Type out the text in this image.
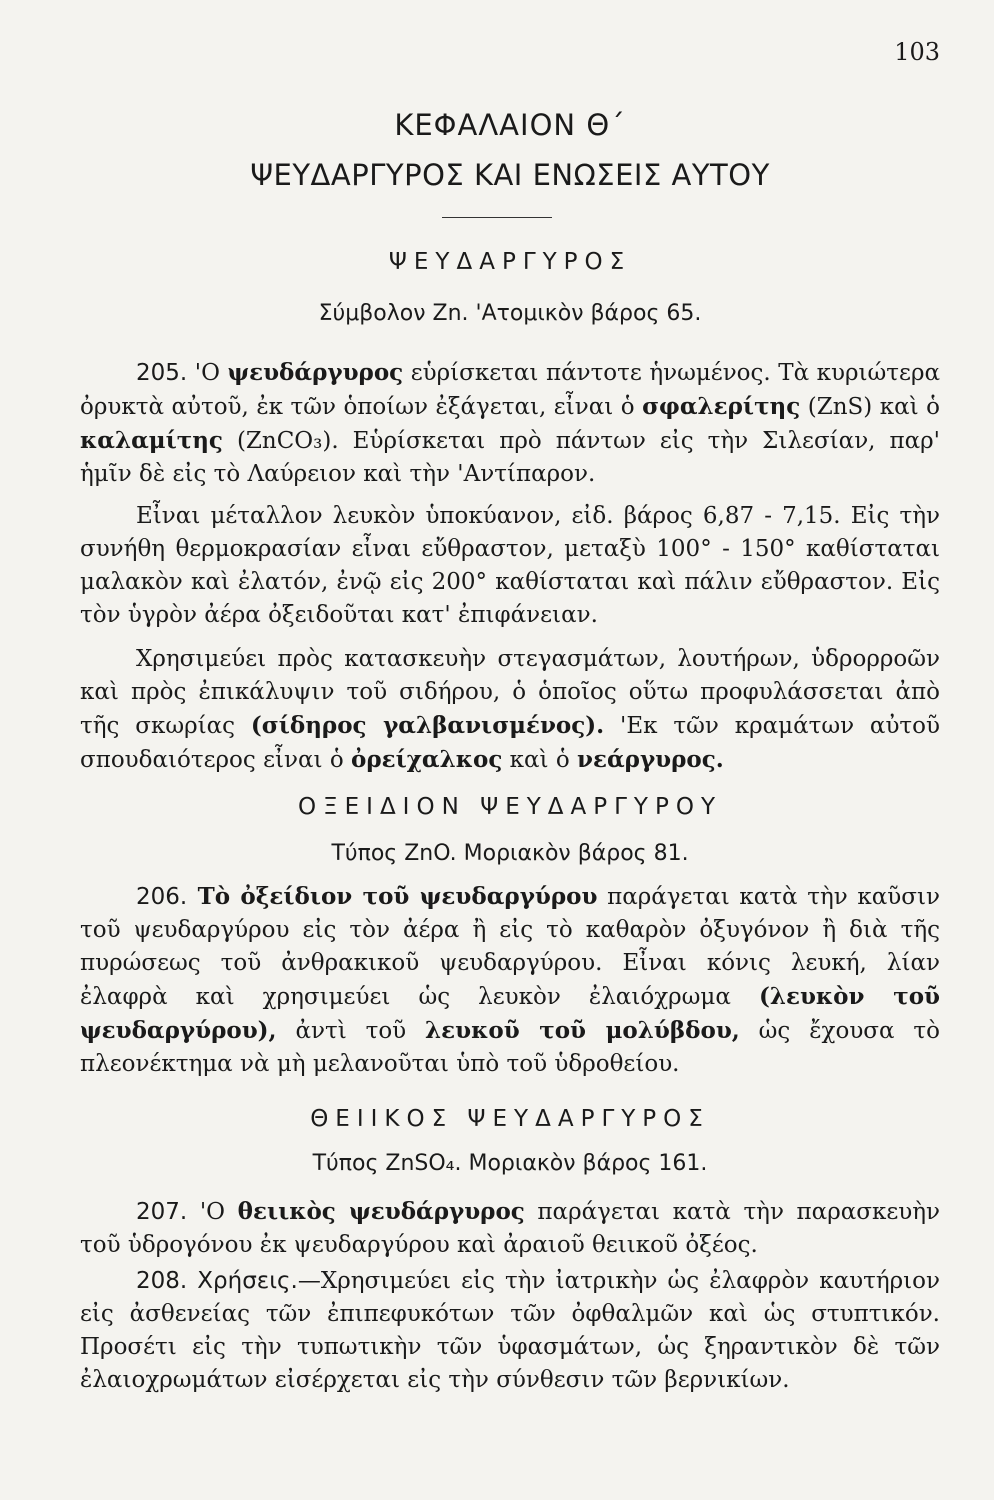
103
ΚΕΦΑΛΑΙΟΝ Θ΄
ΨΕΥΔΑΡΓΥΡΟΣ ΚΑΙ ΕΝΩΣΕΙΣ ΑΥΤΟΥ
ΨΕΥΔΑΡΓΥΡΟΣ
Σύμβολον Zn. 'Ατομικὸν βάρος 65.

205. 'Ο ψευδάργυρος εὑρίσκεται πάντοτε ἡνωμένος. Τὰ κυριώτερα ὀρυκτὰ αὐτοῦ, ἐκ τῶν ὁποίων ἐξάγεται, εἶναι ὁ σφαλερίτης (ZnS) καὶ ὁ καλαμίτης (ZnCO₃). Εὑρίσκεται πρὸ πάντων εἰς τὴν Σιλεσίαν, παρ' ἡμῖν δὲ εἰς τὸ Λαύρειον καὶ τὴν 'Αντίπαρον.

Εἶναι μέταλλον λευκὸν ὑποκύανον, εἰδ. βάρος 6,87 - 7,15. Εἰς τὴν συνήθη θερμοκρασίαν εἶναι εὔθραστον, μεταξὺ 100° - 150° καθίσταται μαλακὸν καὶ ἐλατόν, ἐνῷ εἰς 200° καθίσταται καὶ πάλιν εὔθραστον. Εἰς τὸν ὑγρὸν ἀέρα ὀξειδοῦται κατ' ἐπιφάνειαν.

Χρησιμεύει πρὸς κατασκευὴν στεγασμάτων, λουτήρων, ὑδρορροῶν καὶ πρὸς ἐπικάλυψιν τοῦ σιδήρου, ὁ ὁποῖος οὕτω προφυλάσσεται ἀπὸ τῆς σκωρίας (σίδηρος γαλβανισμένος). 'Εκ τῶν κραμάτων αὐτοῦ σπουδαιότερος εἶναι ὁ ὀρείχαλκος καὶ ὁ νεάργυρος.

ΟΞΕΙΔΙΟΝ ΨΕΥΔΑΡΓΥΡΟΥ
Τύπος ZnO. Μοριακὸν βάρος 81.

206. Τὸ ὀξείδιον τοῦ ψευδαργύρου παράγεται κατὰ τὴν καῦσιν τοῦ ψευδαργύρου εἰς τὸν ἀέρα ἢ εἰς τὸ καθαρὸν ὀξυγόνον ἢ διὰ τῆς πυρώσεως τοῦ ἀνθρακικοῦ ψευδαργύρου. Εἶναι κόνις λευκή, λίαν ἐλαφρὰ καὶ χρησιμεύει ὡς λευκὸν ἐλαιόχρωμα (λευκὸν τοῦ ψευδαργύρου), ἀντὶ τοῦ λευκοῦ τοῦ μολύβδου, ὡς ἔχουσα τὸ πλεονέκτημα νὰ μὴ μελανοῦται ὑπὸ τοῦ ὑδροθείου.

ΘΕΙΙΚΟΣ ΨΕΥΔΑΡΓΥΡΟΣ
Τύπος ZnSO₄. Μοριακὸν βάρος 161.

207. 'Ο θειικὸς ψευδάργυρος παράγεται κατὰ τὴν παρασκευὴν τοῦ ὑδρογόνου ἐκ ψευδαργύρου καὶ ἀραιοῦ θειικοῦ ὀξέος.

208. Χρήσεις.—Χρησιμεύει εἰς τὴν ἰατρικὴν ὡς ἐλαφρὸν καυτήριον εἰς ἀσθενείας τῶν ἐπιπεφυκότων τῶν ὀφθαλμῶν καὶ ὡς στυπτικόν. Προσέτι εἰς τὴν τυπωτικὴν τῶν ὑφασμάτων, ὡς ξηραντικὸν δὲ τῶν ἐλαιοχρωμάτων εἰσέρχεται εἰς τὴν σύνθεσιν τῶν βερνικίων.
